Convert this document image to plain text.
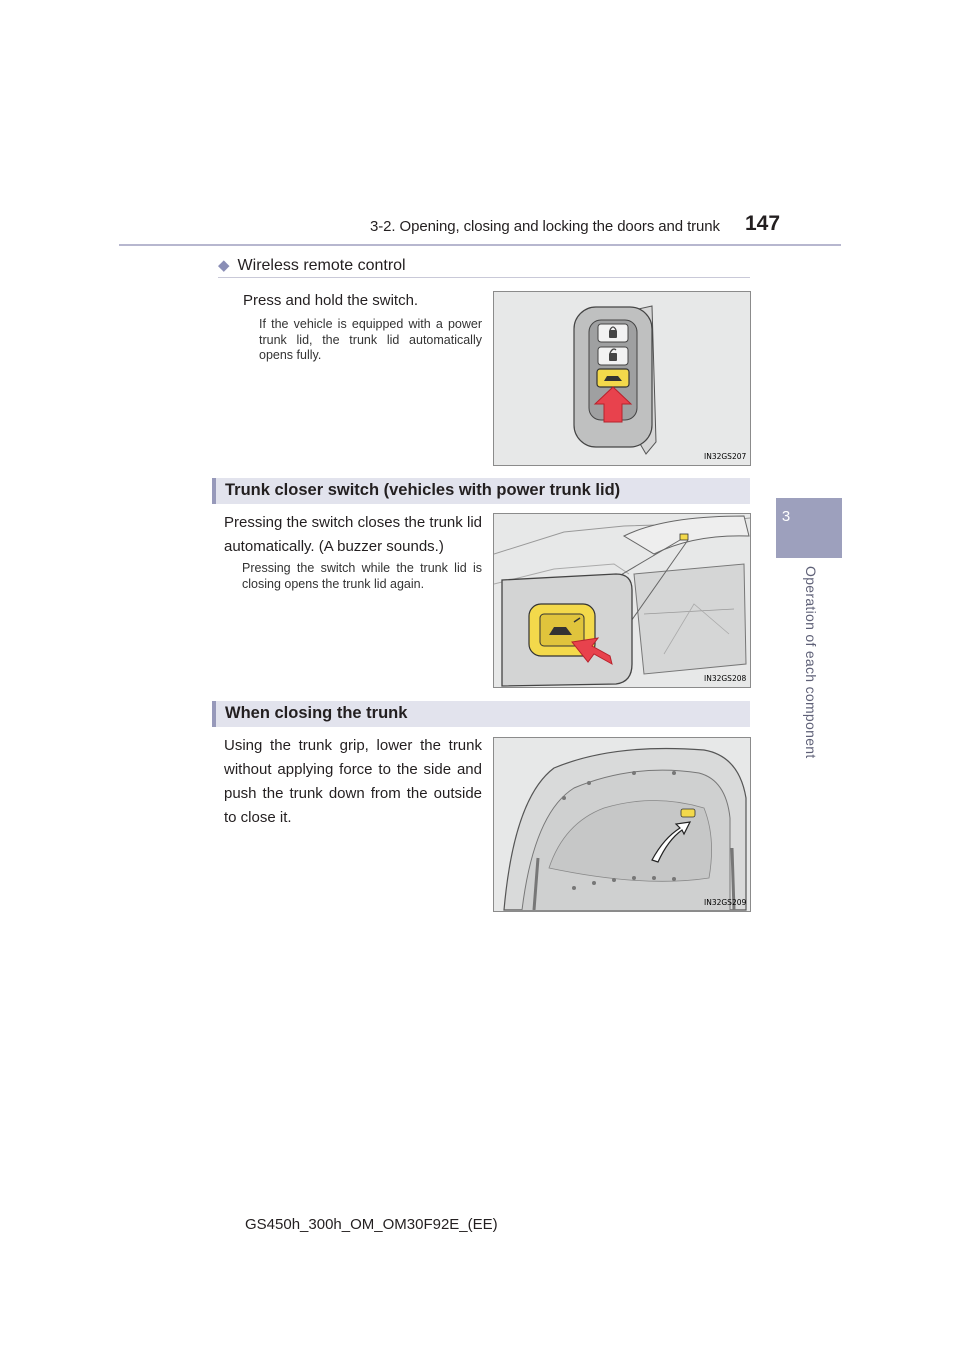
3-2. Opening, closing and locking the doors and trunk 147
3
Operation of each component
◆ Wireless remote control
Press and hold the switch.
If the vehicle is equipped with a power trunk lid, the trunk lid automatically opens fully.
IN32GS207
Trunk closer switch (vehicles with power trunk lid)
Pressing the switch closes the trunk lid automatically. (A buzzer sounds.)
Pressing the switch while the trunk lid is closing opens the trunk lid again.
IN32GS208
When closing the trunk
Using the trunk grip, lower the trunk without applying force to the side and push the trunk down from the outside to close it.
IN32GS209
GS450h_300h_OM_OM30F92E_(EE)
